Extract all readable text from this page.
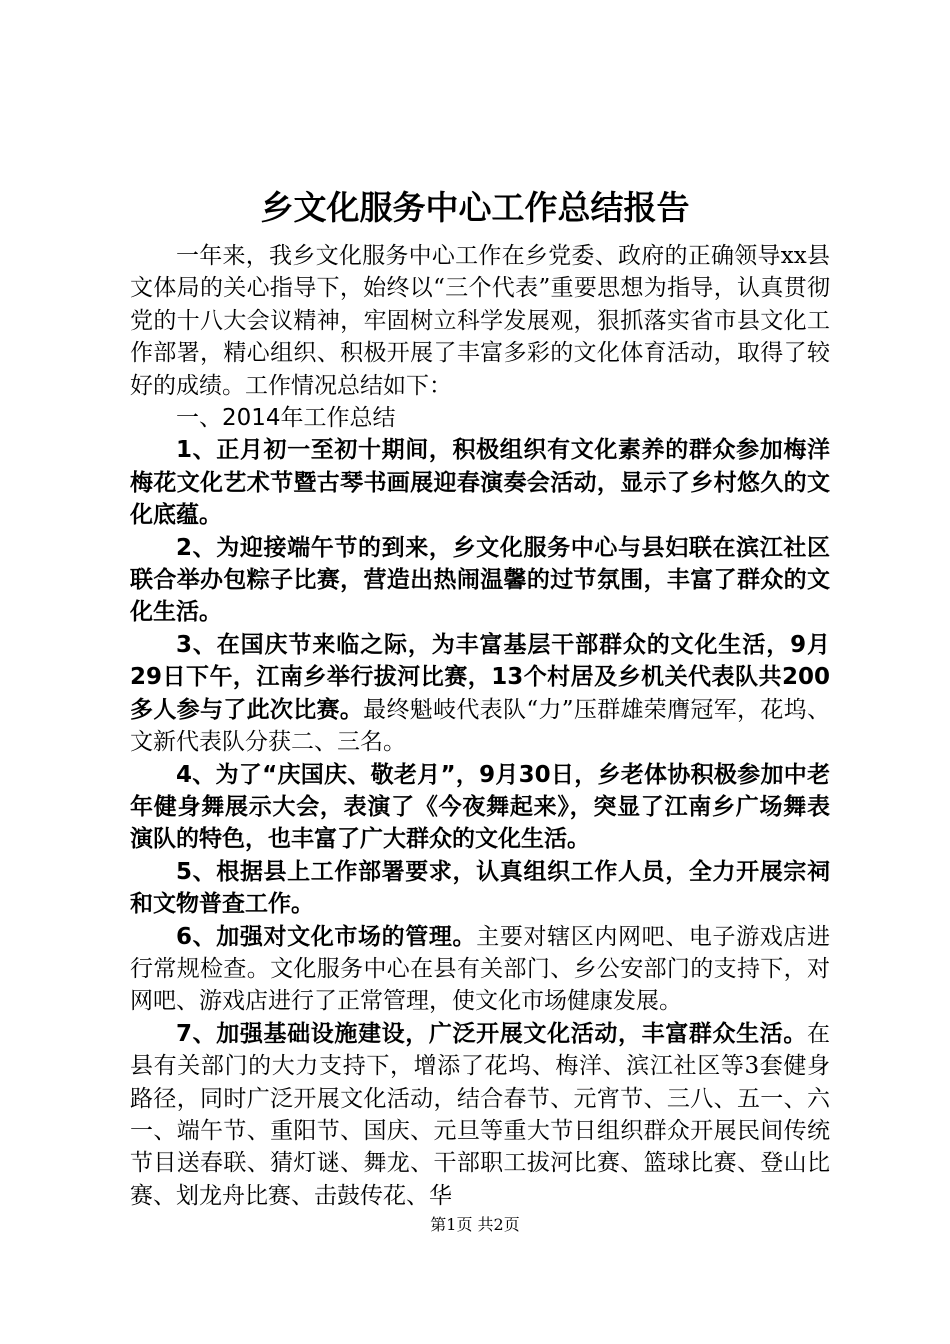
乡文化服务中心工作总结报告

一年来，我乡文化服务中心工作在乡党委、政府的正确领导xx县文体局的关心指导下，始终以“三个代表”重要思想为指导，认真贯彻党的十八大会议精神，牢固树立科学发展观，狠抓落实省市县文化工作部署，精心组织、积极开展了丰富多彩的文化体育活动，取得了较好的成绩。工作情况总结如下：

一、2014年工作总结

1、正月初一至初十期间，积极组织有文化素养的群众参加梅洋梅花文化艺术节暨古琴书画展迎春演奏会活动，显示了乡村悠久的文化底蕴。

2、为迎接端午节的到来，乡文化服务中心与县妇联在滨江社区联合举办包粽子比赛，营造出热闹温馨的过节氛围，丰富了群众的文化生活。

3、在国庆节来临之际，为丰富基层干部群众的文化生活，9月29日下午，江南乡举行拔河比赛，13个村居及乡机关代表队共200多人参与了此次比赛。最终魁岐代表队“力”压群雄荣膺冠军，花坞、文新代表队分获二、三名。

4、为了“庆国庆、敬老月”，9月30日，乡老体协积极参加中老年健身舞展示大会，表演了《今夜舞起来》，突显了江南乡广场舞表演队的特色，也丰富了广大群众的文化生活。

5、根据县上工作部署要求，认真组织工作人员，全力开展宗祠和文物普查工作。

6、加强对文化市场的管理。主要对辖区内网吧、电子游戏店进行常规检查。文化服务中心在县有关部门、乡公安部门的支持下，对网吧、游戏店进行了正常管理，使文化市场健康发展。

7、加强基础设施建设，广泛开展文化活动，丰富群众生活。在县有关部门的大力支持下，增添了花坞、梅洋、滨江社区等3套健身路径，同时广泛开展文化活动，结合春节、元宵节、三八、五一、六一、端午节、重阳节、国庆、元旦等重大节日组织群众开展民间传统节目送春联、猜灯谜、舞龙、干部职工拔河比赛、篮球比赛、登山比赛、划龙舟比赛、击鼓传花、华

第1页 共2页
